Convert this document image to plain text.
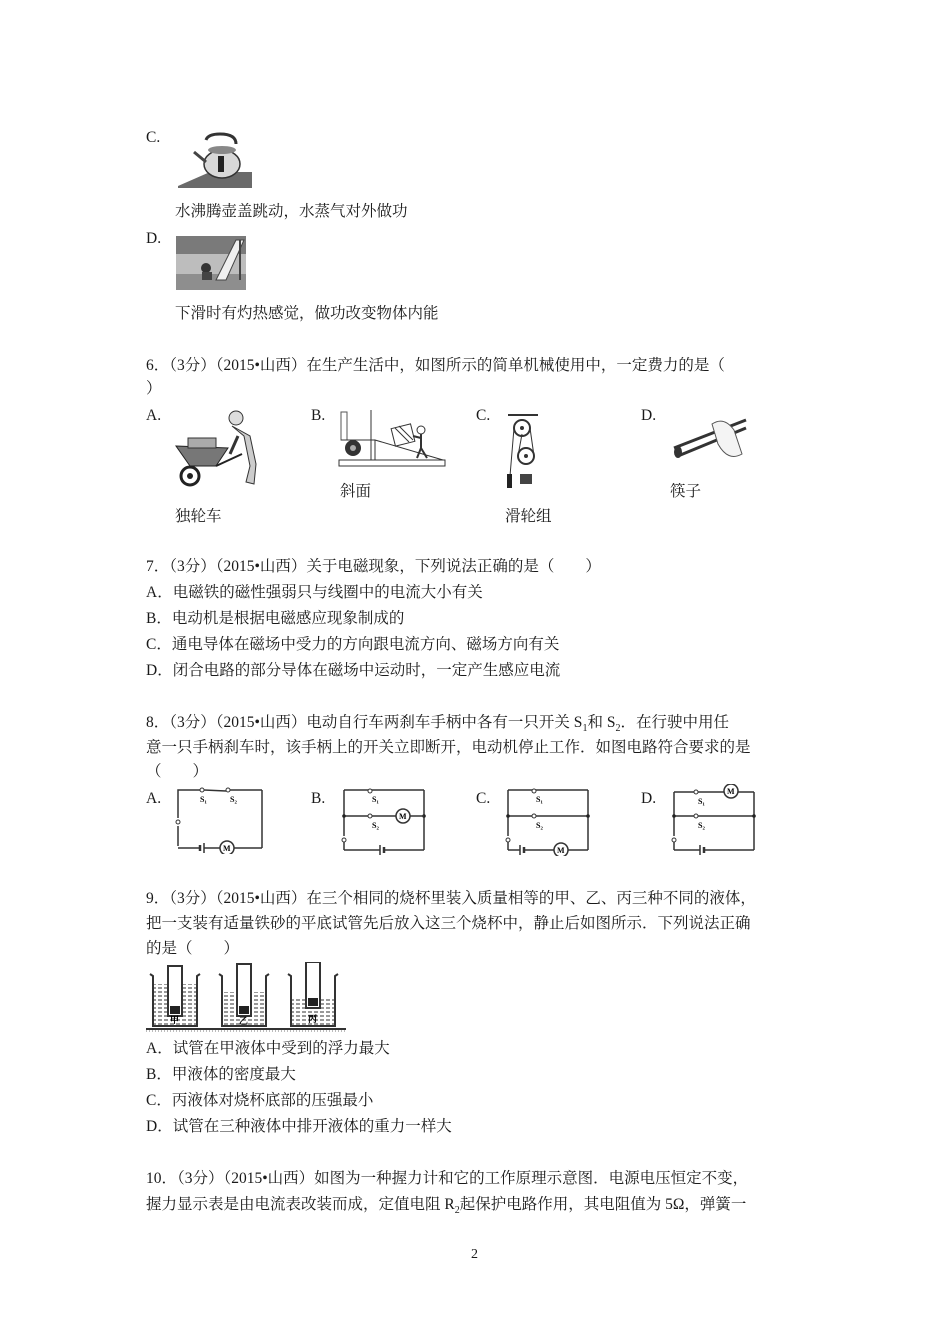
C.
水沸腾壶盖跳动，水蒸气对外做功
D.
下滑时有灼热感觉，做功改变物体内能
6．（3分）（2015•山西）在生产生活中，如图所示的简单机械使用中，一定费力的是（
）
A.
独轮车
B.
斜面
C.
滑轮组
D.
筷子
7．（3分）（2015•山西）关于电磁现象，下列说法正确的是（　　）
A．电磁铁的磁性强弱只与线圈中的电流大小有关
B．电动机是根据电磁感应现象制成的
C．通电导体在磁场中受力的方向跟电流方向、磁场方向有关
D．闭合电路的部分导体在磁场中运动时，一定产生感应电流
8．（3分）（2015•山西）电动自行车两刹车手柄中各有一只开关 $S_1$和 $S_2$．在行驶中用任
意一只手柄刹车时，该手柄上的开关立即断开，电动机停止工作．如图电路符合要求的是
（　　）
A.
M
S₁	S₂	B.
M
S₁
S₂
C.
M
S₁
S₂
D.	M
S₁
S₂
9．（3分）（2015•山西）在三个相同的烧杯里装入质量相等的甲、乙、丙三种不同的液体，
把一支装有适量铁砂的平底试管先后放入这三个烧杯中，静止后如图所示．下列说法正确
的是（　　）
甲	乙	丙
A．试管在甲液体中受到的浮力最大
B．甲液体的密度最大
C．丙液体对烧杯底部的压强最小
D．试管在三种液体中排开液体的重力一样大
10．（3分）（2015•山西）如图为一种握力计和它的工作原理示意图．电源电压恒定不变，
握力显示表是由电流表改装而成，定值电阻 $R_2$起保护电路作用，其电阻值为 5Ω，弹簧一
2
